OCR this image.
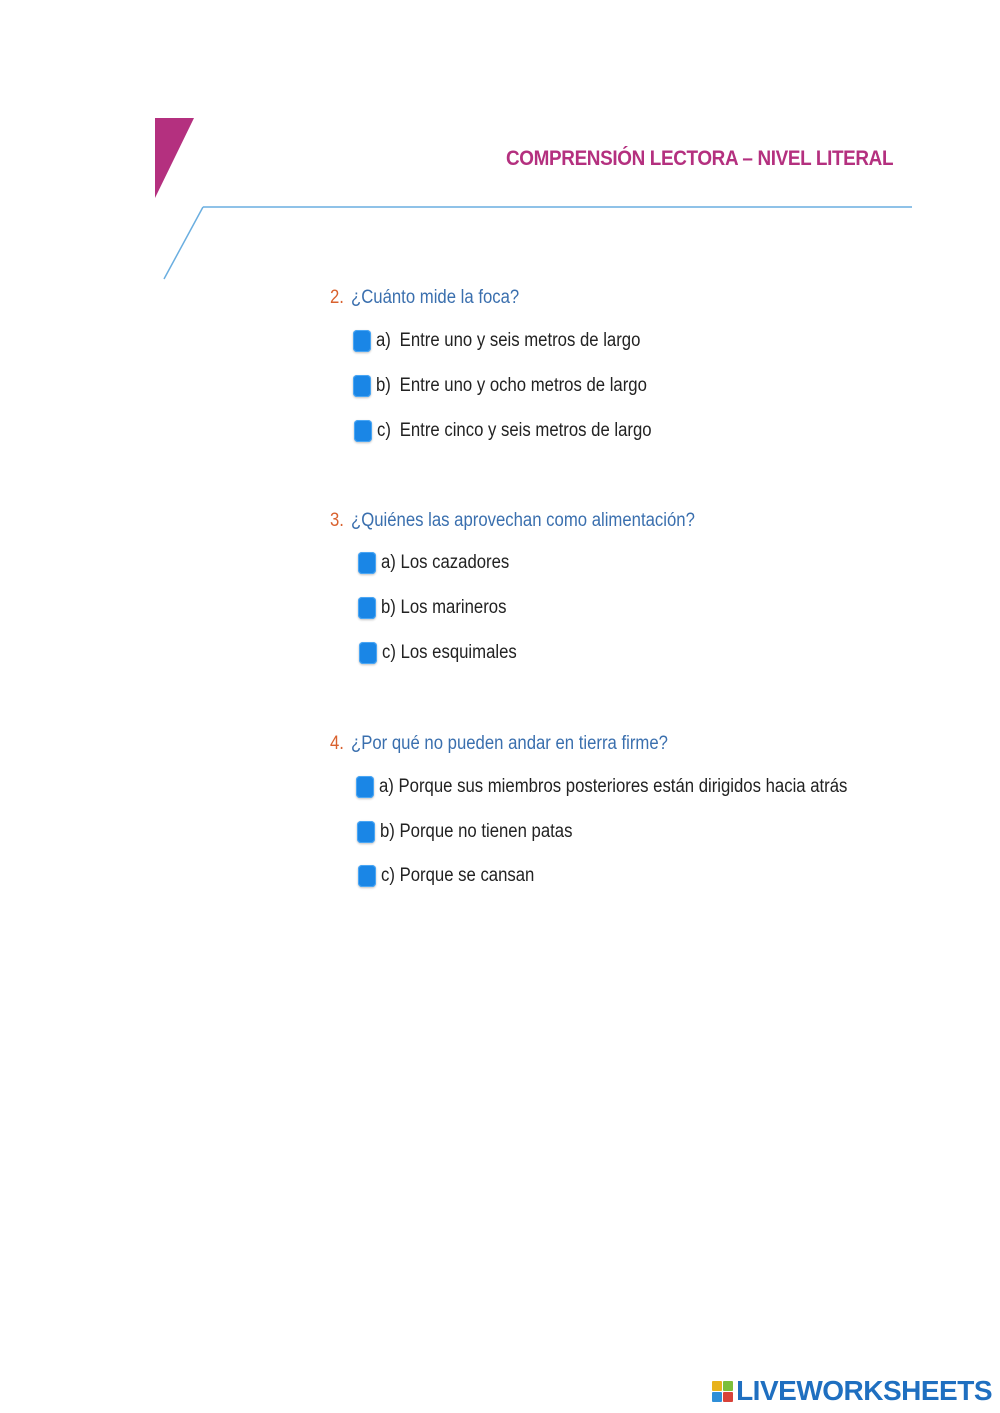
COMPRENSIÓN LECTORA – NIVEL LITERAL
2. ¿Cuánto mide la foca?
a) Entre uno y seis metros de largo
b) Entre uno y ocho metros de largo
c) Entre cinco y seis metros de largo
3. ¿Quiénes las aprovechan como alimentación?
a) Los cazadores
b) Los marineros
c) Los esquimales
4. ¿Por qué no pueden andar en tierra firme?
a) Porque sus miembros posteriores están dirigidos hacia atrás
b) Porque no tienen patas
c) Porque se cansan
LIVEWORKSHEETS
